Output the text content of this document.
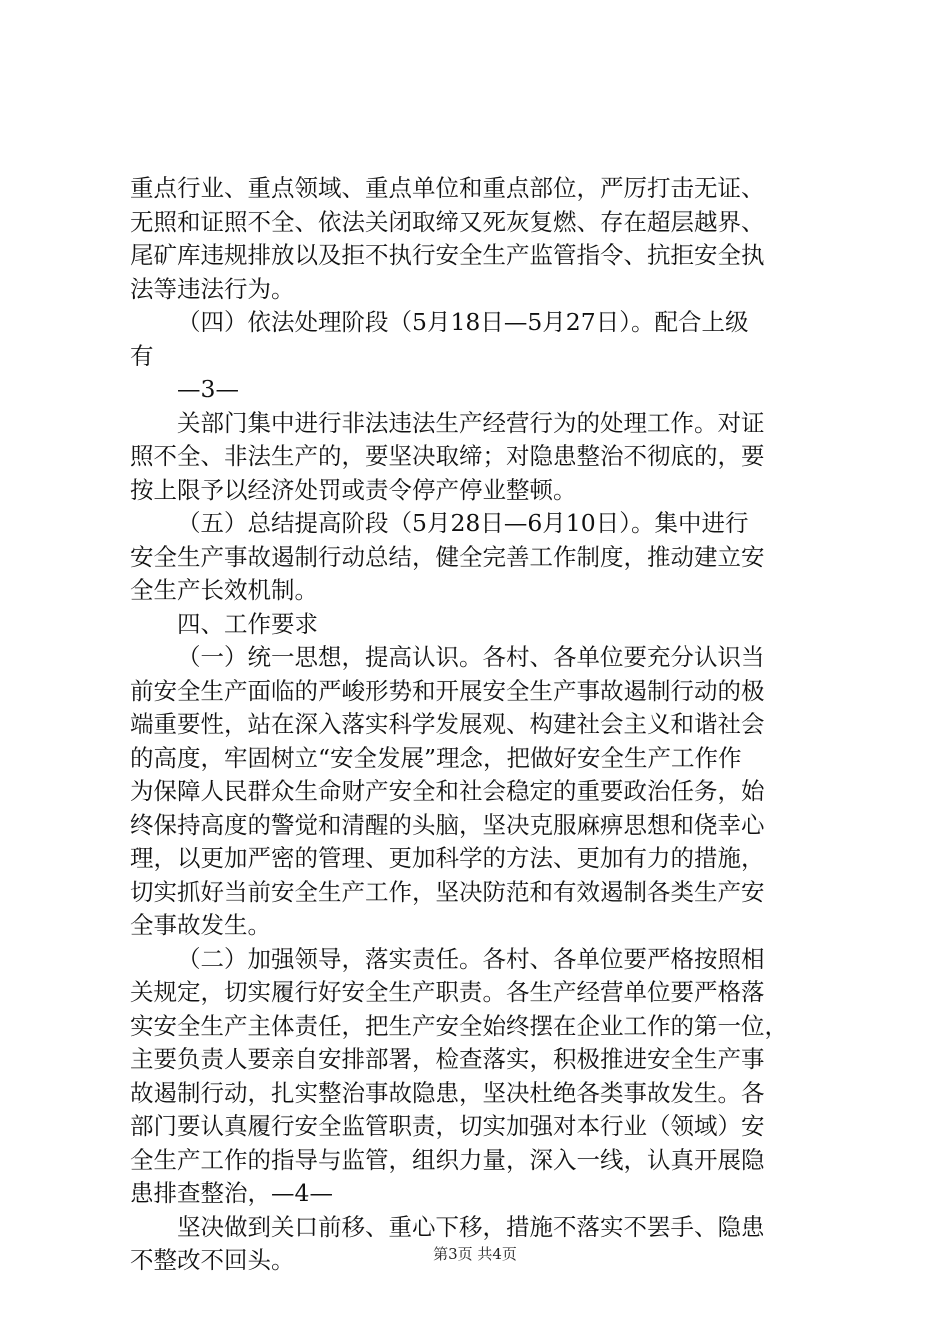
重点行业、重点领域、重点单位和重点部位，严厉打击无证、
无照和证照不全、依法关闭取缔又死灰复燃、存在超层越界、
尾矿库违规排放以及拒不执行安全生产监管指令、抗拒安全执
法等违法行为。
（四）依法处理阶段（5月18日—5月27日）。配合上级
有
—3—
关部门集中进行非法违法生产经营行为的处理工作。对证
照不全、非法生产的，要坚决取缔；对隐患整治不彻底的，要
按上限予以经济处罚或责令停产停业整顿。
（五）总结提高阶段（5月28日—6月10日）。集中进行
安全生产事故遏制行动总结，健全完善工作制度，推动建立安
全生产长效机制。
四、工作要求
（一）统一思想，提高认识。各村、各单位要充分认识当
前安全生产面临的严峻形势和开展安全生产事故遏制行动的极
端重要性，站在深入落实科学发展观、构建社会主义和谐社会
的高度，牢固树立“安全发展”理念，把做好安全生产工作作
为保障人民群众生命财产安全和社会稳定的重要政治任务，始
终保持高度的警觉和清醒的头脑，坚决克服麻痹思想和侥幸心
理，以更加严密的管理、更加科学的方法、更加有力的措施，
切实抓好当前安全生产工作，坚决防范和有效遏制各类生产安
全事故发生。
（二）加强领导，落实责任。各村、各单位要严格按照相
关规定，切实履行好安全生产职责。各生产经营单位要严格落
实安全生产主体责任，把生产安全始终摆在企业工作的第一位，
主要负责人要亲自安排部署，检查落实，积极推进安全生产事
故遏制行动，扎实整治事故隐患，坚决杜绝各类事故发生。各
部门要认真履行安全监管职责，切实加强对本行业（领域）安
全生产工作的指导与监管，组织力量，深入一线，认真开展隐
患排查整治，—4—
坚决做到关口前移、重心下移，措施不落实不罢手、隐患
不整改不回头。	第3页 共4页
